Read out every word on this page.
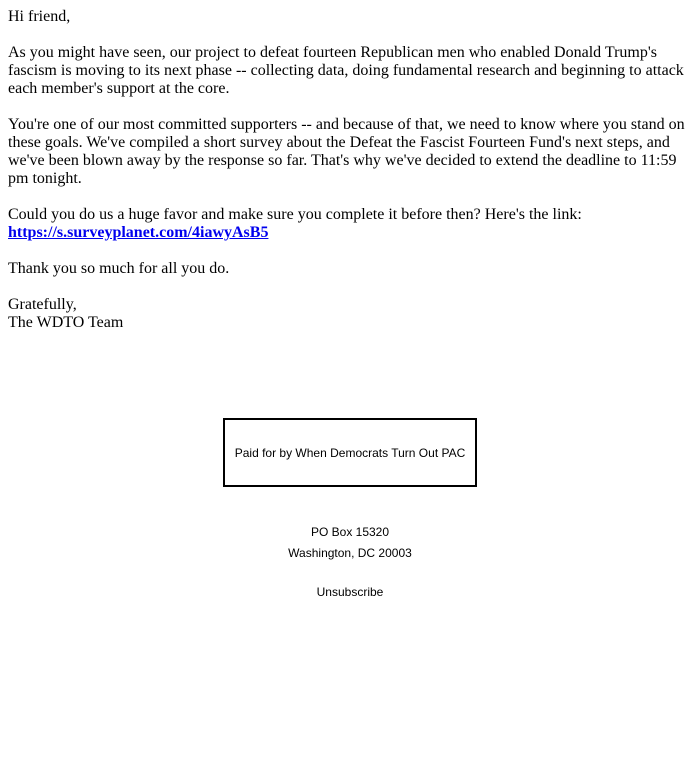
Hi friend,

As you might have seen, our project to defeat fourteen Republican men who enabled Donald Trump's fascism is moving to its next phase -- collecting data, doing fundamental research and beginning to attack each member's support at the core.

You're one of our most committed supporters -- and because of that, we need to know where you stand on these goals. We've compiled a short survey about the Defeat the Fascist Fourteen Fund's next steps, and we've been blown away by the response so far. That's why we've decided to extend the deadline to 11:59 pm tonight.

Could you do us a huge favor and make sure you complete it before then? Here's the link:
https://s.surveyplanet.com/4iawyAsB5

Thank you so much for all you do.

Gratefully,
The WDTO Team

Paid for by When Democrats Turn Out PAC
PO Box 15320
Washington, DC 20003
Unsubscribe
